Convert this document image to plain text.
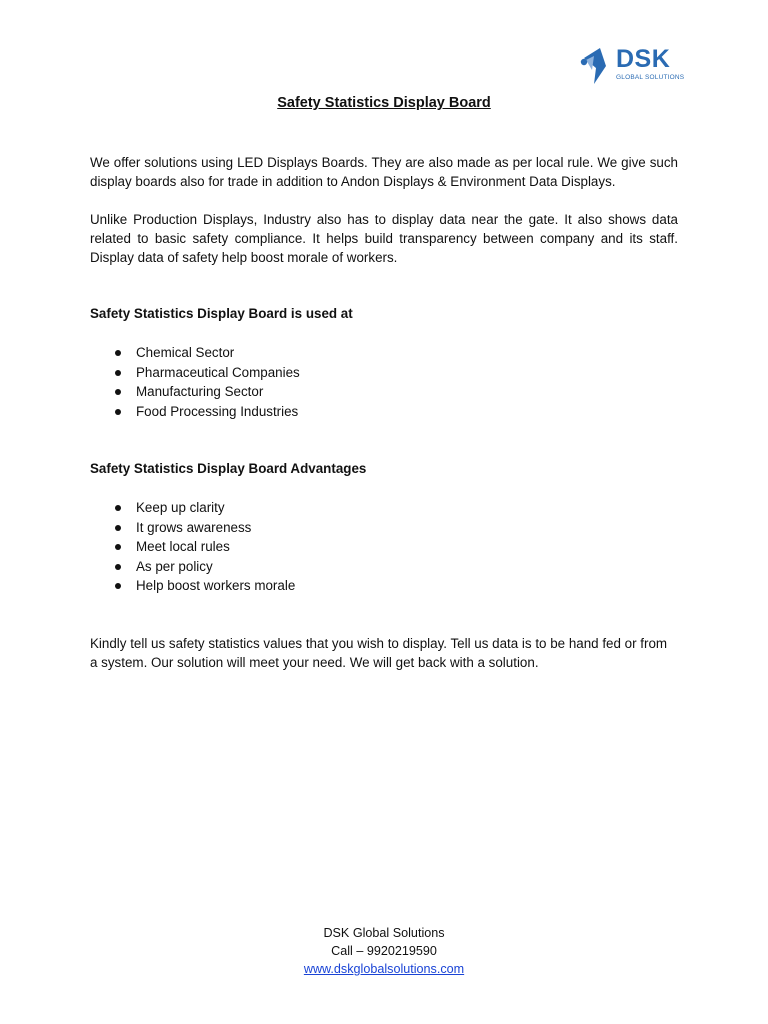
DSK
GLOBAL SOLUTIONS
Safety Statistics Display Board
We offer solutions using LED Displays Boards. They are also made as per local rule. We give such display boards also for trade in addition to Andon Displays & Environment Data Displays.
Unlike Production Displays, Industry also has to display data near the gate. It also shows data related to basic safety compliance. It helps build transparency between company and its staff. Display data of safety help boost morale of workers.
Safety Statistics Display Board is used at
Chemical Sector
Pharmaceutical Companies
Manufacturing Sector
Food Processing Industries
Safety Statistics Display Board Advantages
Keep up clarity
It grows awareness
Meet local rules
As per policy
Help boost workers morale
Kindly tell us safety statistics values that you wish to display. Tell us data is to be hand fed or from a system. Our solution will meet your need. We will get back with a solution.
DSK Global Solutions
Call – 9920219590
www.dskglobalsolutions.com
